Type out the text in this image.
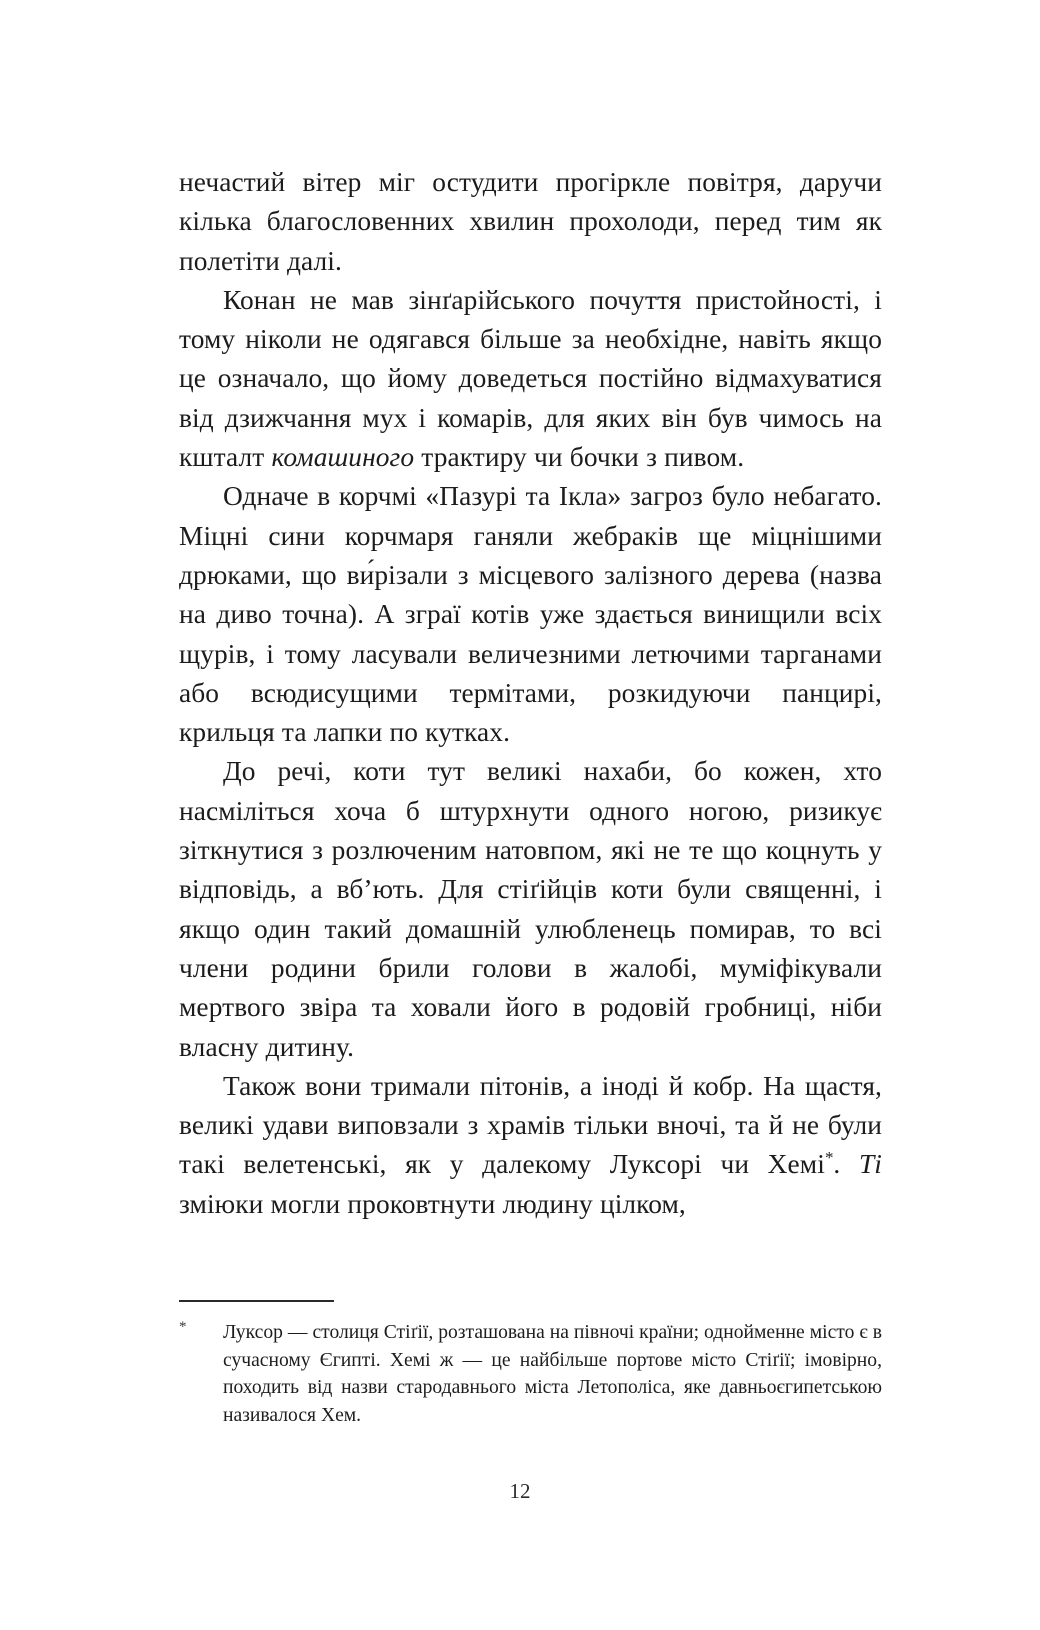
нечастий вітер міг остудити прогіркле повітря, даручи кілька благословенних хвилин прохолоди, перед тим як полетіти далі.

Конан не мав зінґарійського почуття пристойності, і тому ніколи не одягався більше за необхідне, навіть якщо це означало, що йому доведеться постійно відмахуватися від дзижчання мух і комарів, для яких він був чимось на кшталт комашиного трактиру чи бочки з пивом.

Одначе в корчмі «Пазурі та Ікла» загроз було небагато. Міцні сини корчмаря ганяли жебраків ще міцнішими дрюками, що ви́різали з місцевого залізного дерева (назва на диво точна). А зграї котів уже здається винищили всіх щурів, і тому ласували величезними летючими тарганами або всюдисущими термітами, розкидуючи панцирі, крильця та лапки по кутках.

До речі, коти тут великі нахаби, бо кожен, хто насміліться хоча б штурхнути одного ногою, ризикує зіткнутися з розлюченим натовпом, які не те що коцнуть у відповідь, а вб’ють. Для стіґійців коти були священні, і якщо один такий домашній улюбленець помирав, то всі члени родини брили голови в жалобі, муміфікували мертвого звіра та ховали його в родовій гробниці, ніби власну дитину.

Також вони тримали пітонів, а іноді й кобр. На щастя, великі удави виповзали з храмів тільки вночі, та й не були такі велетенські, як у далекому Луксорі чи Хемі*. Ті зміюки могли проковтнути людину цілком,

* Луксор — столиця Стіґії, розташована на півночі країни; однойменне місто є в сучасному Єгипті. Хемі ж — це найбільше портове місто Стіґії; імовірно, походить від назви стародавнього міста Летополіса, яке давньоєгипетською називалося Хем.

12
